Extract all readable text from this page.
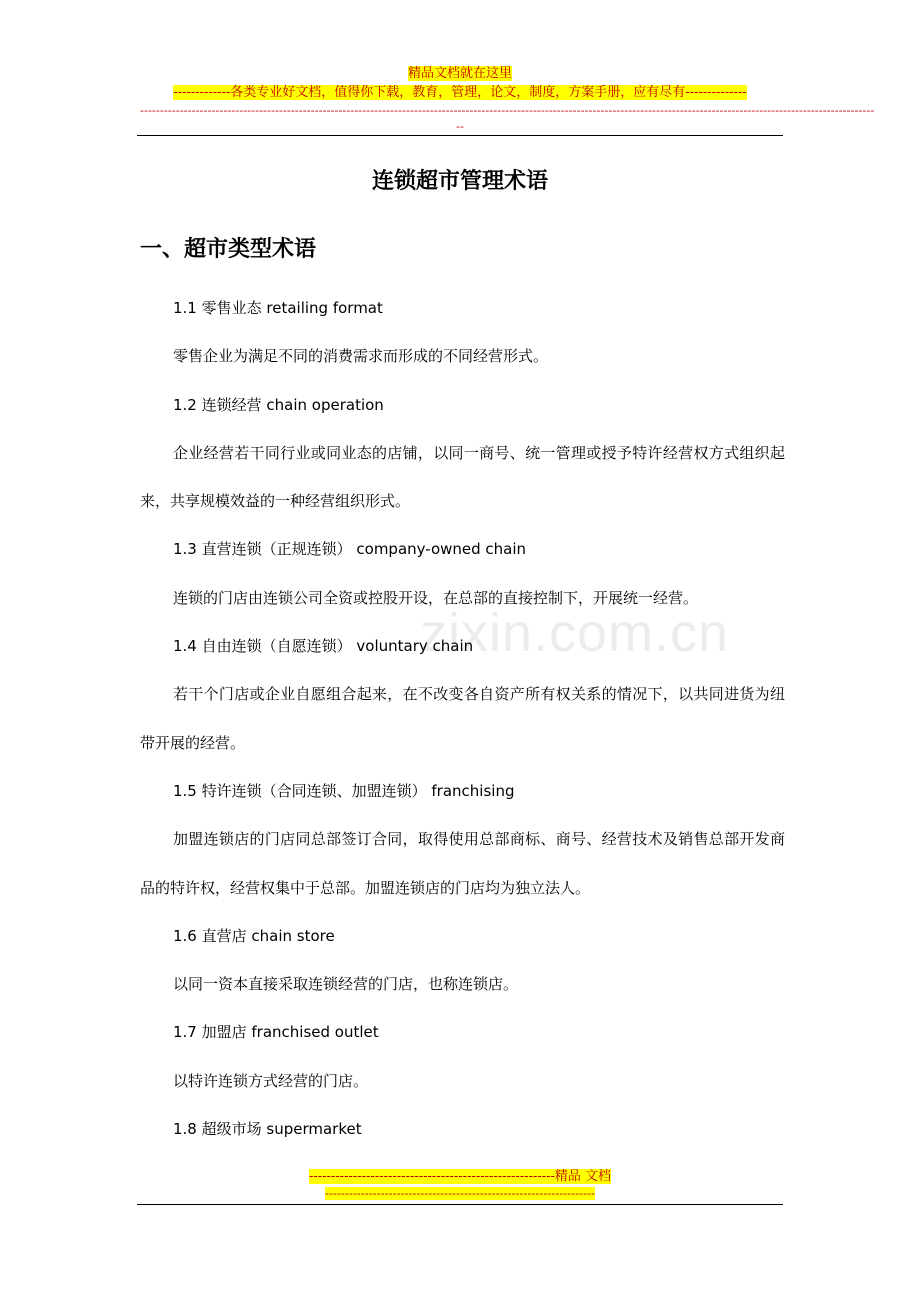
精品文档就在这里
-------------各类专业好文档，值得你下载，教育，管理，论文，制度，方案手册，应有尽有--------------
-----------------------------------------------------------------------------------------------------------------------------------------------------------------------------------------
--
zixin.com.cn
连锁超市管理术语
一、超市类型术语

1.1 零售业态 retailing format

零售企业为满足不同的消费需求而形成的不同经营形式。

1.2 连锁经营 chain operation

企业经营若干同行业或同业态的店铺，以同一商号、统一管理或授予特许经营权方式组织起来，共享规模效益的一种经营组织形式。

1.3 直营连锁（正规连锁） company-owned chain

连锁的门店由连锁公司全资或控股开设，在总部的直接控制下，开展统一经营。

1.4 自由连锁（自愿连锁） voluntary chain

若干个门店或企业自愿组合起来，在不改变各自资产所有权关系的情况下，以共同进货为纽带开展的经营。

1.5 特许连锁（合同连锁、加盟连锁） franchising

加盟连锁店的门店同总部签订合同，取得使用总部商标、商号、经营技术及销售总部开发商品的特许权，经营权集中于总部。加盟连锁店的门店均为独立法人。

1.6 直营店 chain store

以同一资本直接采取连锁经营的门店，也称连锁店。

1.7 加盟店 franchised outlet

以特许连锁方式经营的门店。

1.8 超级市场 supermarket

--------------------------------------------------------精品 文档
--------------------------------------------------------------------
